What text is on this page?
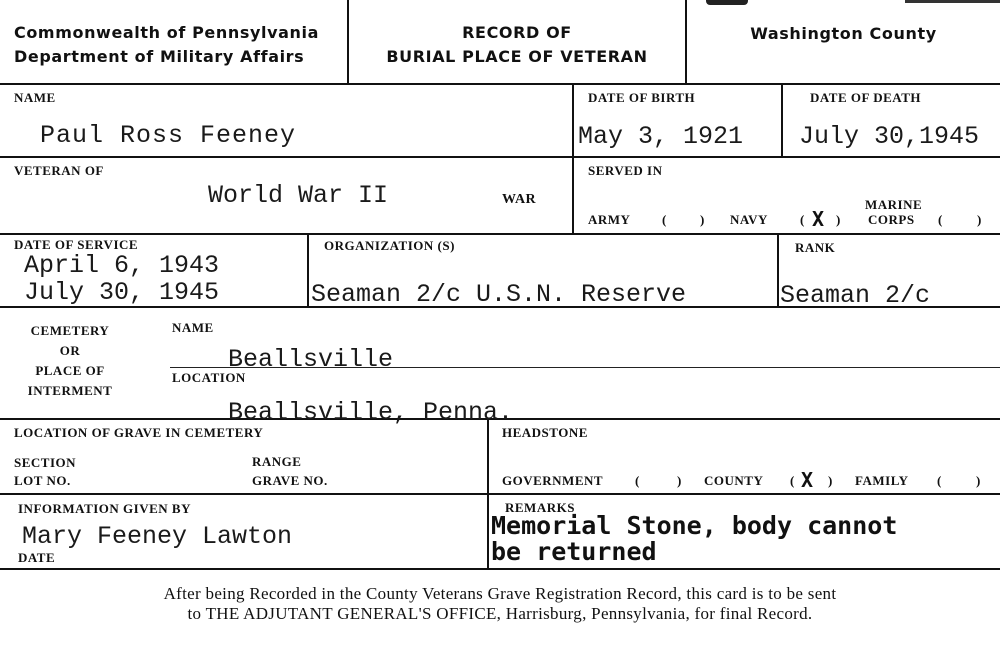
Commonwealth of Pennsylvania
Department of Military Affairs
RECORD OF
BURIAL PLACE OF VETERAN
Washington County
NAME
Paul Ross Feeney
DATE OF BIRTH
May 3, 1921
DATE OF DEATH
July 30,1945
VETERAN OF
World War II	WAR
SERVED IN
ARMY (	) NAVY ( X )
MARINE
CORPS (	)
DATE OF SERVICE
April 6, 1943
July 30, 1945
ORGANIZATION (S)
Seaman 2/c U.S.N. Reserve
RANK
Seaman 2/c
CEMETERY
OR
PLACE OF
INTERMENT
NAME
Beallsville
LOCATION
Beallsville, Penna.
LOCATION OF GRAVE IN CEMETERY
SECTION
LOT NO.
RANGE
GRAVE NO.
HEADSTONE
GOVERNMENT (	) COUNTY ( X ) FAMILY (	)
INFORMATION GIVEN BY
Mary Feeney Lawton
DATE
REMARKS
Memorial Stone, body cannot
be returned
After being Recorded in the County Veterans Grave Registration Record, this card is to be sent
to THE ADJUTANT GENERAL'S OFFICE, Harrisburg, Pennsylvania, for final Record.
